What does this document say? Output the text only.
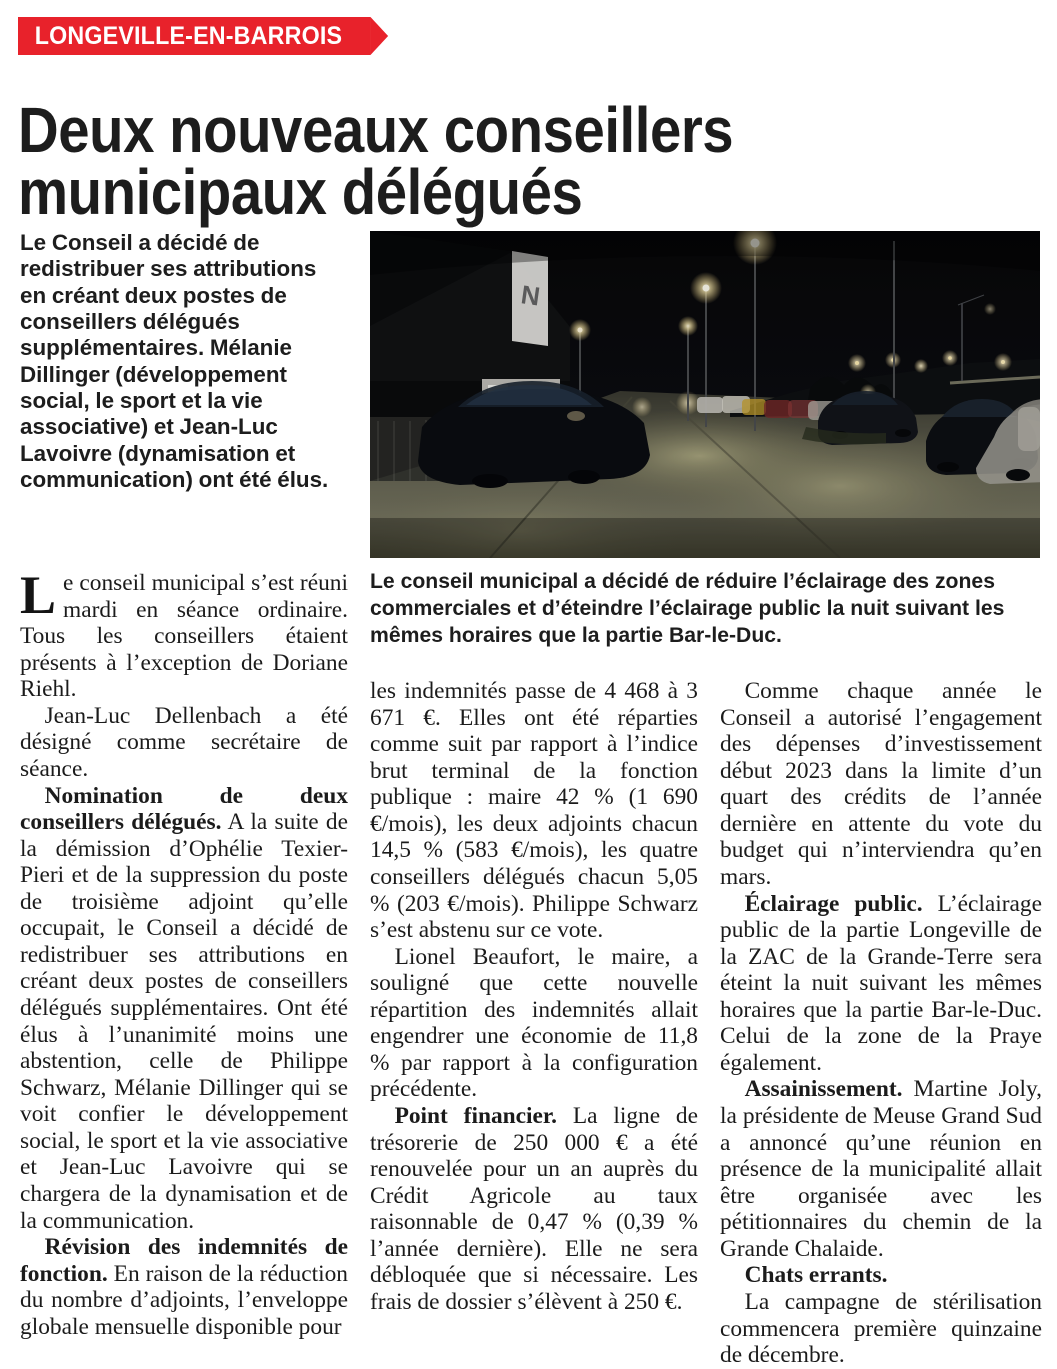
LONGEVILLE-EN-BARROIS
Deux nouveaux conseillers
municipaux délégués
Le Conseil a décidé de redistribuer ses attributions en créant deux postes de conseillers délégués supplémentaires. Mélanie Dillinger (développement social, le sport et la vie associative) et Jean-Luc Lavoivre (dynamisation et communication) ont été élus.
N
Le conseil municipal a décidé de réduire l’éclairage des zones commerciales et d’éteindre l’éclairage public la nuit suivant les mêmes horaires que la partie Bar-le-Duc.

Le conseil municipal s’est réuni mardi en séance ordinaire. Tous les conseillers étaient présents à l’exception de Doriane Riehl.

Jean-Luc Dellenbach a été désigné comme secrétaire de séance.

Nomination de deux conseillers délégués. A la suite de la démission d’Ophélie Texier-Pieri et de la suppression du poste de troisième adjoint qu’elle occupait, le Conseil a décidé de redistribuer ses attributions en créant deux postes de conseillers délégués supplémentaires. Ont été élus à l’unanimité moins une abstention, celle de Philippe Schwarz, Mélanie Dillinger qui se voit confier le développement social, le sport et la vie associative et Jean-Luc Lavoivre qui se chargera de la dynamisation et de la communication.

Révision des indemnités de fonction. En raison de la réduction du nombre d’adjoints, l’enveloppe globale mensuelle disponible pour

les indemnités passe de 4 468 à 3 671 €. Elles ont été réparties comme suit par rapport à l’indice brut terminal de la fonction publique : maire 42 % (1 690 €/mois), les deux adjoints chacun 14,5 % (583 €/mois), les quatre conseillers délégués chacun 5,05 % (203 €/mois). Philippe Schwarz s’est abstenu sur ce vote.

Lionel Beaufort, le maire, a souligné que cette nouvelle répartition des indemnités allait engendrer une économie de 11,8 % par rapport à la configuration précédente.

Point financier. La ligne de trésorerie de 250 000 € a été renouvelée pour un an auprès du Crédit Agricole au taux raisonnable de 0,47 % (0,39 % l’année dernière). Elle ne sera débloquée que si nécessaire. Les frais de dossier s’élèvent à 250 €.

Comme chaque année le Conseil a autorisé l’engagement des dépenses d’investissement début 2023 dans la limite d’un quart des crédits de l’année dernière en attente du vote du budget qui n’interviendra qu’en mars.

Éclairage public. L’éclairage public de la partie Longeville de la ZAC de la Grande-Terre sera éteint la nuit suivant les mêmes horaires que la partie Bar-le-Duc. Celui de la zone de la Praye également.

Assainissement. Martine Joly, la présidente de Meuse Grand Sud a annoncé qu’une réunion en présence de la municipalité allait être organisée avec les pétitionnaires du chemin de la Grande Chalaide.

Chats errants.

La campagne de stérilisation commencera première quinzaine de décembre.
